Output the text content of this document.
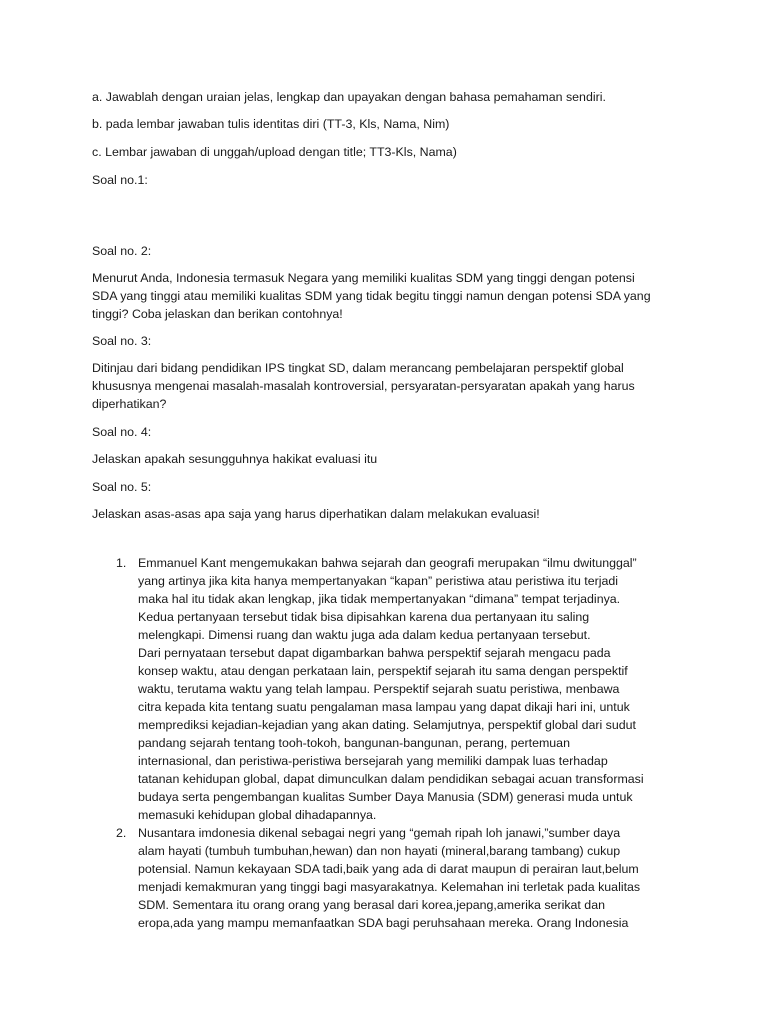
a. Jawablah dengan uraian jelas, lengkap dan upayakan dengan bahasa pemahaman sendiri.

b. pada lembar jawaban tulis identitas diri (TT-3, Kls, Nama, Nim)

c. Lembar jawaban di unggah/upload dengan title; TT3-Kls, Nama)

Soal no.1:

Soal no. 2:

Menurut Anda, Indonesia termasuk Negara yang memiliki kualitas SDM yang tinggi dengan potensi
SDA yang tinggi atau memiliki kualitas SDM yang tidak begitu tinggi namun dengan potensi SDA yang
tinggi? Coba jelaskan dan berikan contohnya!

Soal no. 3:

Ditinjau dari bidang pendidikan IPS tingkat SD, dalam merancang pembelajaran perspektif global
khususnya mengenai masalah-masalah kontroversial, persyaratan-persyaratan apakah yang harus
diperhatikan?

Soal no. 4:

Jelaskan apakah sesungguhnya hakikat evaluasi itu

Soal no. 5:

Jelaskan asas-asas apa saja yang harus diperhatikan dalam melakukan evaluasi!

1. Emmanuel Kant mengemukakan bahwa sejarah dan geografi merupakan “ilmu dwitunggal”
yang artinya jika kita hanya mempertanyakan “kapan” peristiwa atau peristiwa itu terjadi
maka hal itu tidak akan lengkap, jika tidak mempertanyakan “dimana” tempat terjadinya.
Kedua pertanyaan tersebut tidak bisa dipisahkan karena dua pertanyaan itu saling
melengkapi. Dimensi ruang dan waktu juga ada dalam kedua pertanyaan tersebut.
Dari pernyataan tersebut dapat digambarkan bahwa perspektif sejarah mengacu pada
konsep waktu, atau dengan perkataan lain, perspektif sejarah itu sama dengan perspektif
waktu, terutama waktu yang telah lampau. Perspektif sejarah suatu peristiwa, menbawa
citra kepada kita tentang suatu pengalaman masa lampau yang dapat dikaji hari ini, untuk
memprediksi kejadian-kejadian yang akan dating. Selamjutnya, perspektif global dari sudut
pandang sejarah tentang tooh-tokoh, bangunan-bangunan, perang, pertemuan
internasional, dan peristiwa-peristiwa bersejarah yang memiliki dampak luas terhadap
tatanan kehidupan global, dapat dimunculkan dalam pendidikan sebagai acuan transformasi
budaya serta pengembangan kualitas Sumber Daya Manusia (SDM) generasi muda untuk
memasuki kehidupan global dihadapannya.
2. Nusantara imdonesia dikenal sebagai negri yang “gemah ripah loh janawi,”sumber daya
alam hayati (tumbuh tumbuhan,hewan) dan non hayati (mineral,barang tambang) cukup
potensial. Namun kekayaan SDA tadi,baik yang ada di darat maupun di perairan laut,belum
menjadi kemakmuran yang tinggi bagi masyarakatnya. Kelemahan ini terletak pada kualitas
SDM. Sementara itu orang orang yang berasal dari korea,jepang,amerika serikat dan
eropa,ada yang mampu memanfaatkan SDA bagi peruhsahaan mereka. Orang Indonesia
